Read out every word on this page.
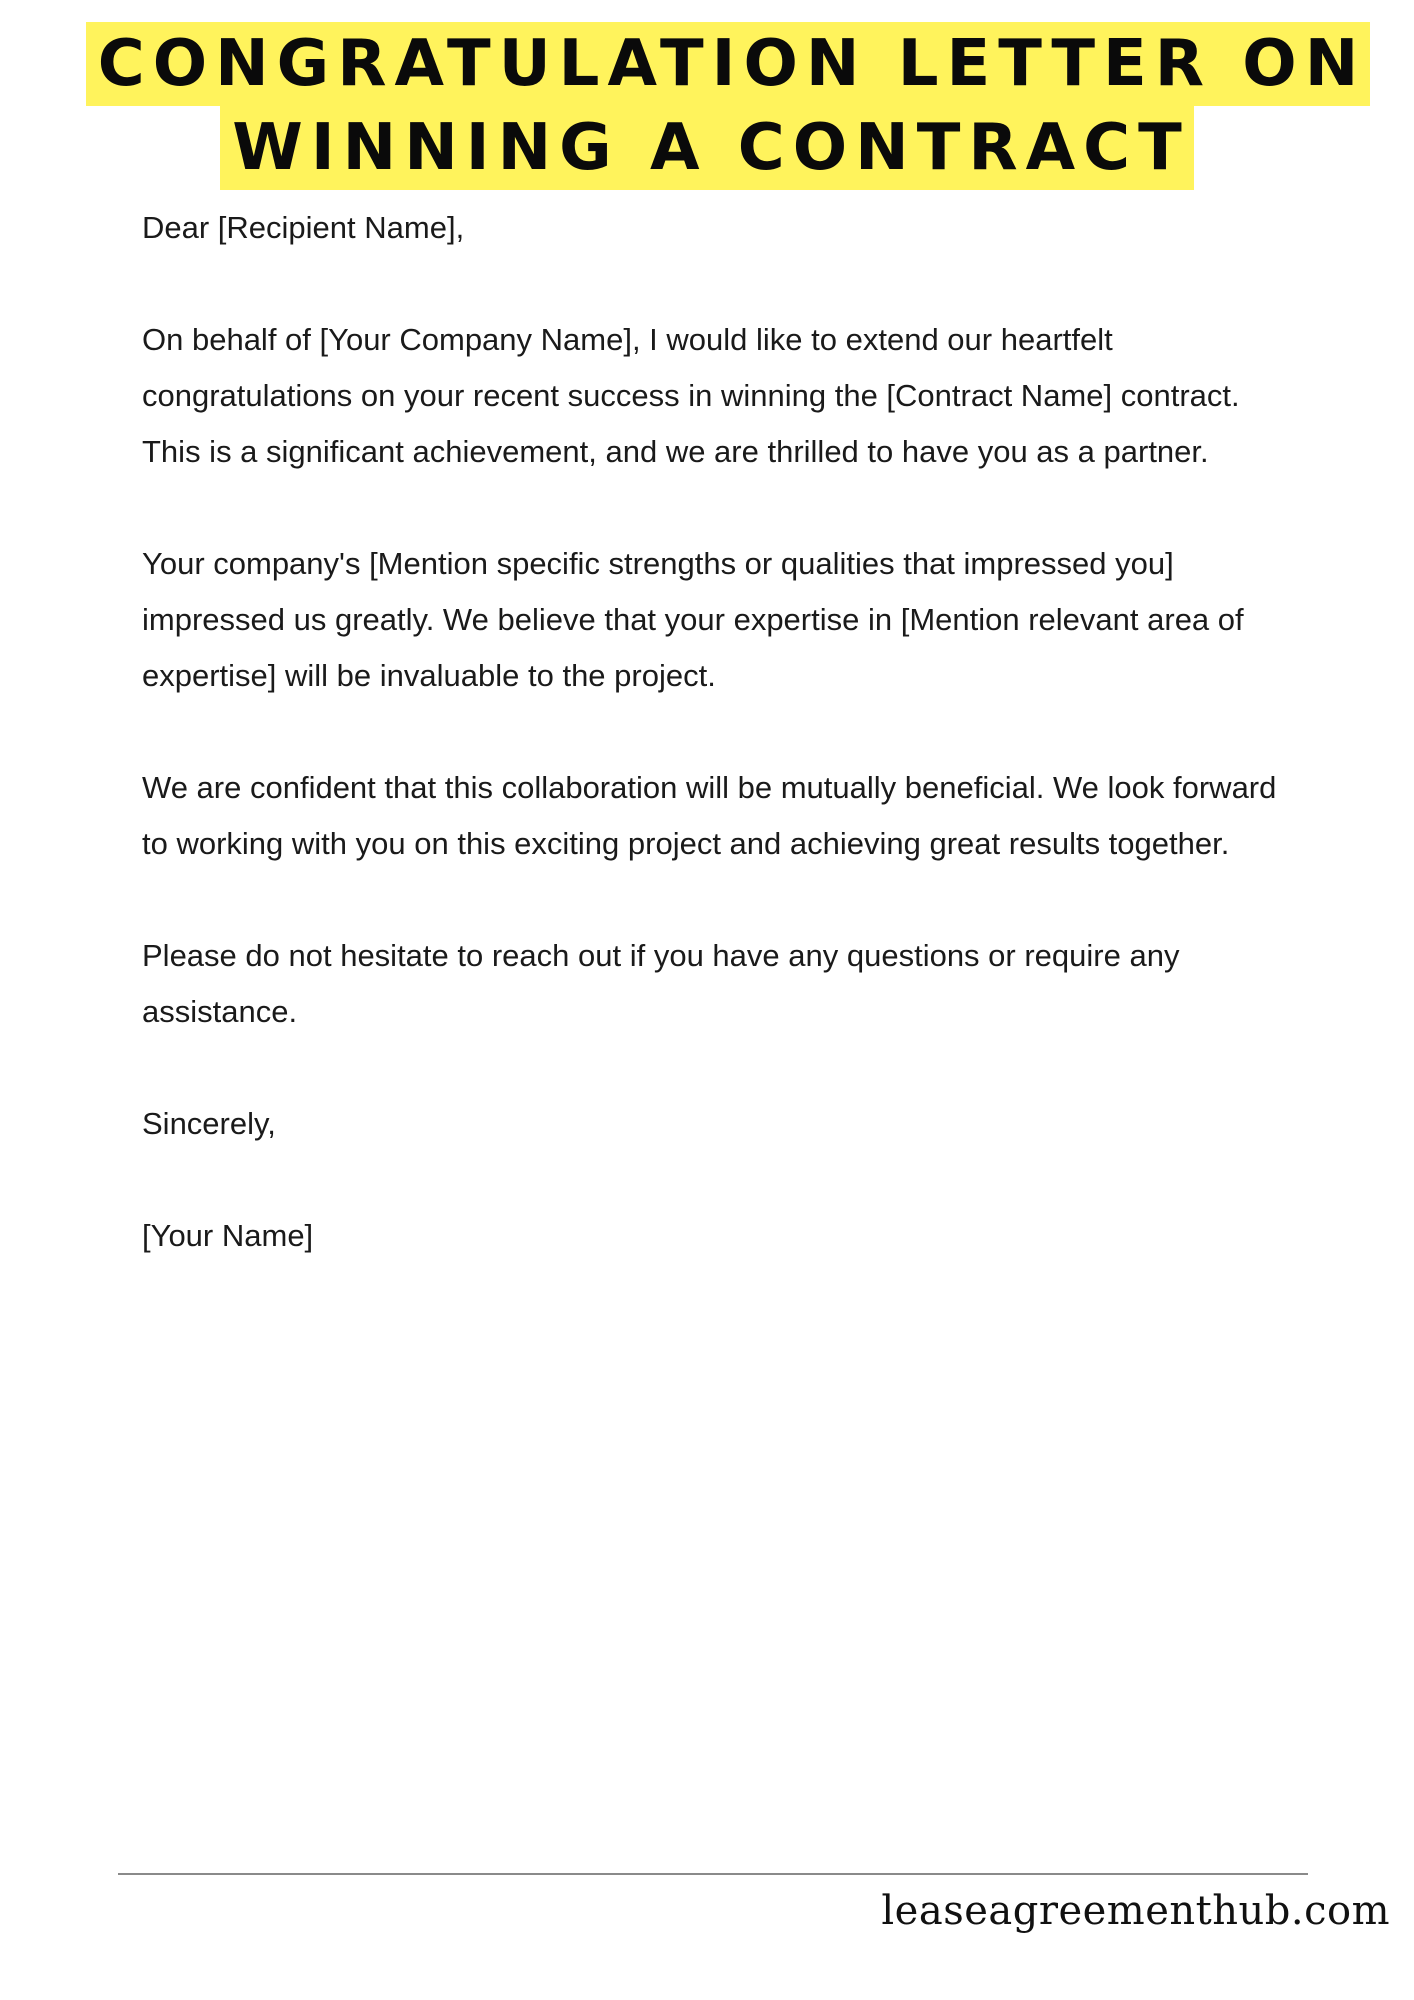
CONGRATULATION LETTER ON
WINNING A CONTRACT

Dear [Recipient Name],

On behalf of [Your Company Name], I would like to extend our heartfelt congratulations on your recent success in winning the [Contract Name] contract. This is a significant achievement, and we are thrilled to have you as a partner.

Your company's [Mention specific strengths or qualities that impressed you] impressed us greatly. We believe that your expertise in [Mention relevant area of expertise] will be invaluable to the project.

We are confident that this collaboration will be mutually beneficial. We look forward to working with you on this exciting project and achieving great results together.

Please do not hesitate to reach out if you have any questions or require any assistance.

Sincerely,

[Your Name]

leaseagreementhub.com
